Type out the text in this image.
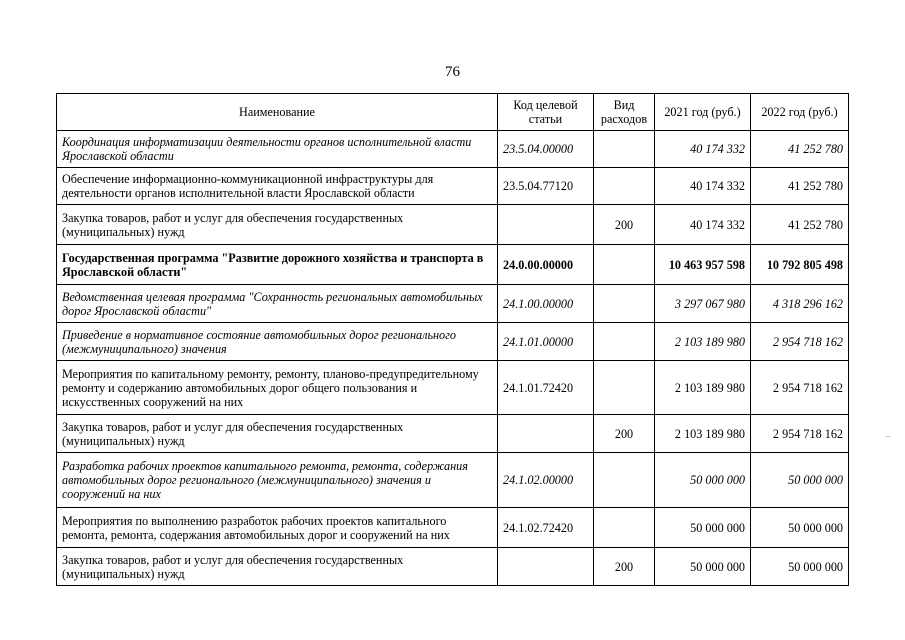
76
Наименование	Код целевой статьи	Вид расходов	2021 год (руб.)	2022 год (руб.)
Координация информатизации деятельности органов исполнительной власти Ярославской области	23.5.04.00000		40 174 332	41 252 780
Обеспечение информационно-коммуникационной инфраструктуры для деятельности органов исполнительной власти Ярославской области	23.5.04.77120		40 174 332	41 252 780
Закупка товаров, работ и услуг для обеспечения государственных (муниципальных) нужд		200	40 174 332	41 252 780
Государственная программа "Развитие дорожного хозяйства и транспорта в Ярославской области"	24.0.00.00000		10 463 957 598	10 792 805 498
Ведомственная целевая программа "Сохранность региональных автомобильных дорог Ярославской области"	24.1.00.00000		3 297 067 980	4 318 296 162
Приведение в нормативное состояние автомобильных дорог регионального (межмуниципального) значения	24.1.01.00000		2 103 189 980	2 954 718 162
Мероприятия по капитальному ремонту, ремонту, планово-предупредительному ремонту и содержанию автомобильных дорог общего пользования и искусственных сооружений на них	24.1.01.72420		2 103 189 980	2 954 718 162
Закупка товаров, работ и услуг для обеспечения государственных (муниципальных) нужд		200	2 103 189 980	2 954 718 162
Разработка рабочих проектов капитального ремонта, ремонта, содержания автомобильных дорог регионального (межмуниципального) значения и сооружений на них	24.1.02.00000		50 000 000	50 000 000
Мероприятия по выполнению разработок рабочих проектов капитального ремонта, ремонта, содержания автомобильных дорог и сооружений на них	24.1.02.72420		50 000 000	50 000 000
Закупка товаров, работ и услуг для обеспечения государственных (муниципальных) нужд		200	50 000 000	50 000 000
